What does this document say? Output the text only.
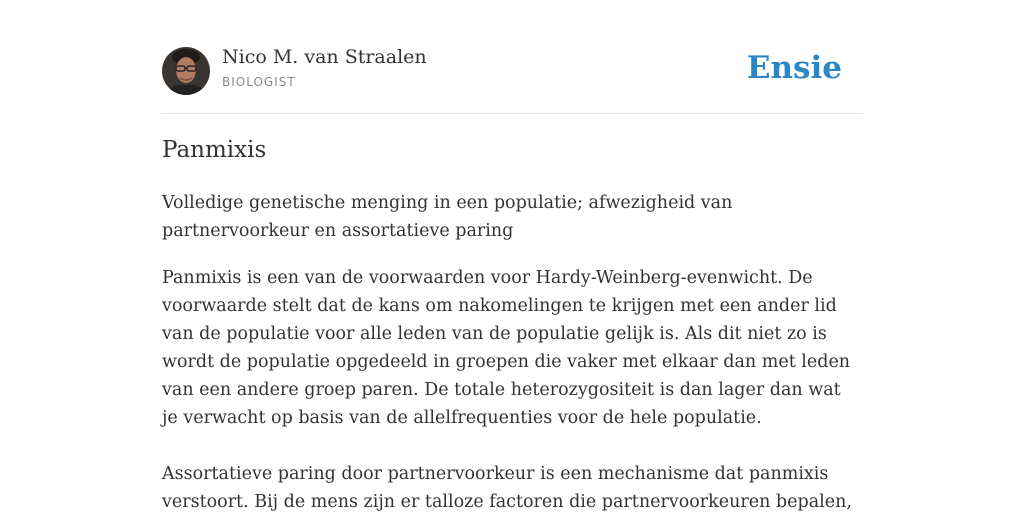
Nico M. van Straalen
BIOLOGIST	Ensie
Panmixis

Volledige genetische menging in een populatie; afwezigheid van partnervoorkeur en assortatieve paring

Panmixis is een van de voorwaarden voor Hardy-Weinberg-evenwicht. De voorwaarde stelt dat de kans om nakomelingen te krijgen met een ander lid van de populatie voor alle leden van de populatie gelijk is. Als dit niet zo is wordt de populatie opgedeeld in groepen die vaker met elkaar dan met leden van een andere groep paren. De totale heterozygositeit is dan lager dan wat je verwacht op basis van de allelfrequenties voor de hele populatie.

Assortatieve paring door partnervoorkeur is een mechanisme dat panmixis verstoort. Bij de mens zijn er talloze factoren die partnervoorkeuren bepalen,
